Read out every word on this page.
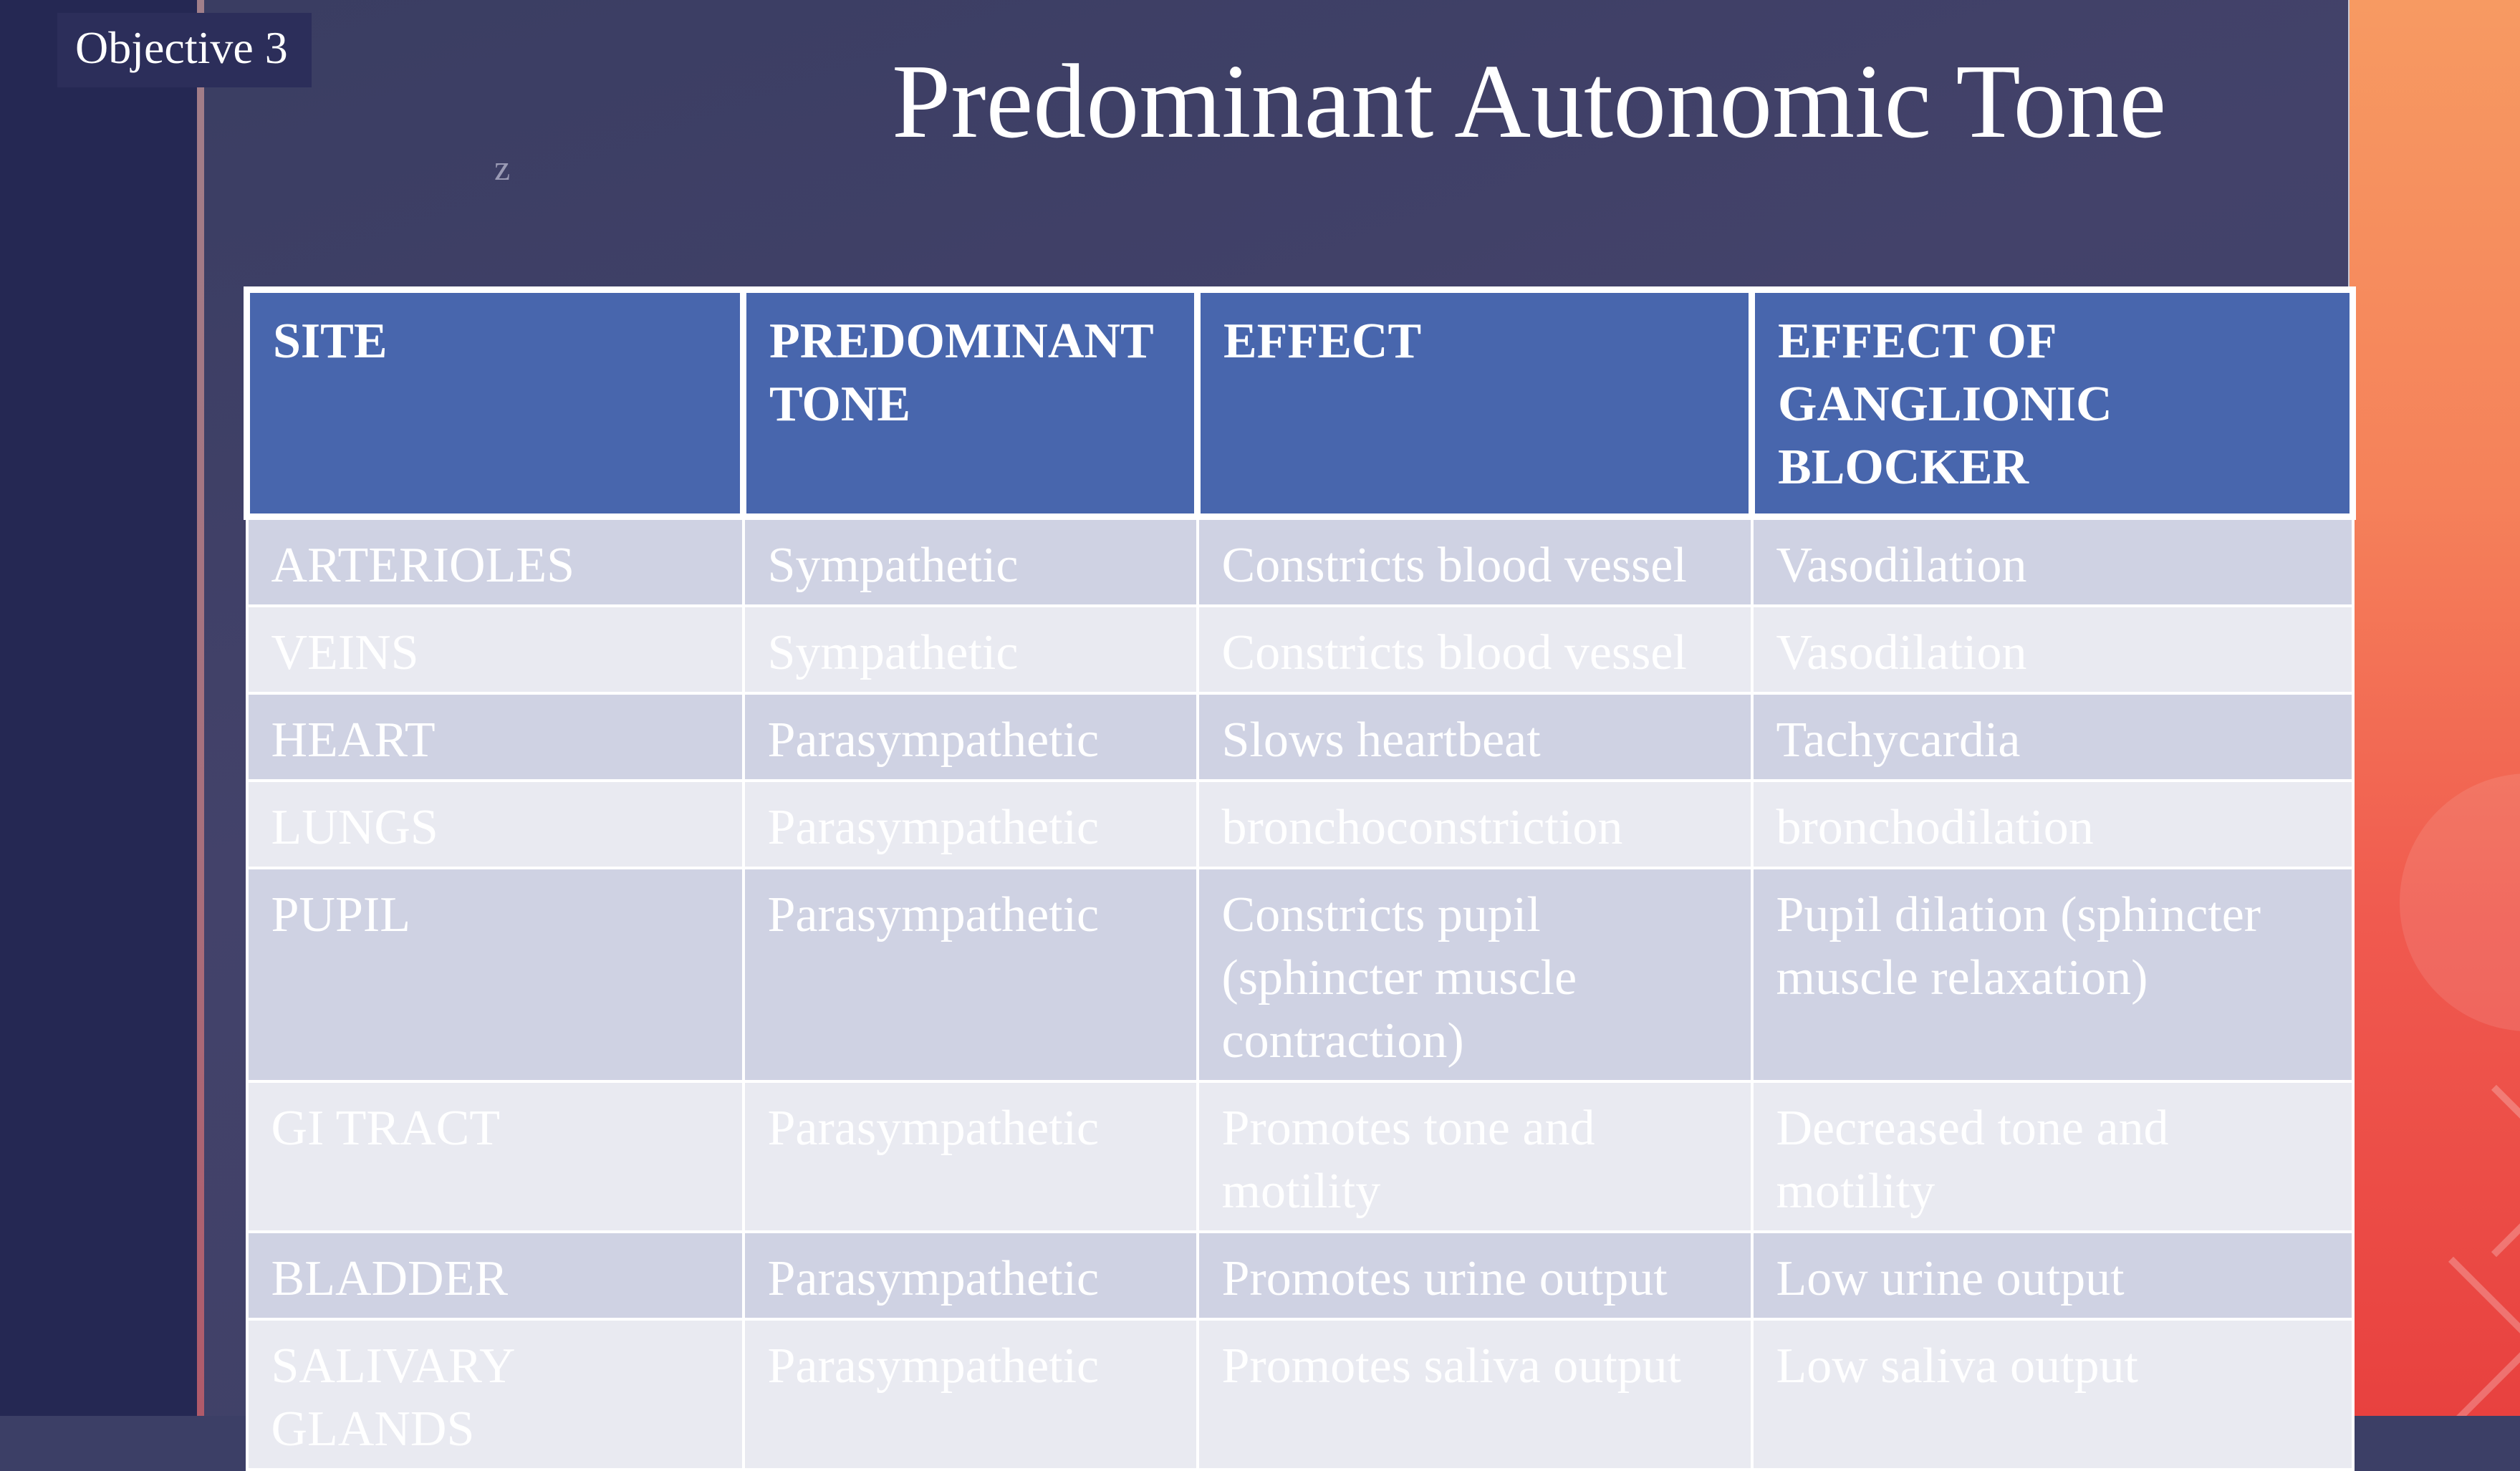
Objective 3
z
Predominant Autonomic Tone
SITE	PREDOMINANT TONE	EFFECT	EFFECT OF GANGLIONIC BLOCKER
ARTERIOLES	Sympathetic	Constricts blood vessel	Vasodilation
VEINS	Sympathetic	Constricts blood vessel	Vasodilation
HEART	Parasympathetic	Slows heartbeat	Tachycardia
LUNGS	Parasympathetic	bronchoconstriction	bronchodilation
PUPIL	Parasympathetic	Constricts pupil (sphincter muscle contraction)	Pupil dilation (sphincter muscle relaxation)
GI TRACT	Parasympathetic	Promotes tone and motility	Decreased tone and motility
BLADDER	Parasympathetic	Promotes urine output	Low urine output
SALIVARY GLANDS	Parasympathetic	Promotes saliva output	Low saliva output
